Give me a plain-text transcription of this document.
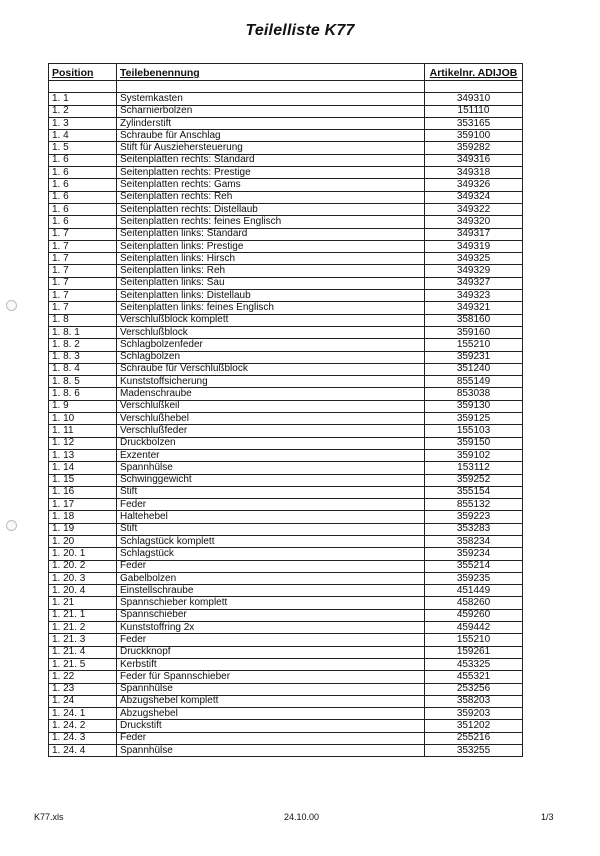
Teilelliste K77
Position	Teilebenennung	Artikelnr. ADIJOB

1. 1	Systemkasten	349310
1. 2	Scharnierbolzen	151110
1. 3	Zylinderstift	353165
1. 4	Schraube für Anschlag	359100
1. 5	Stift für Ausziehersteuerung	359282
1. 6	Seitenplatten rechts: Standard	349316
1. 6	Seitenplatten rechts: Prestige	349318
1. 6	Seitenplatten rechts: Gams	349326
1. 6	Seitenplatten rechts: Reh	349324
1. 6	Seitenplatten rechts: Distellaub	349322
1. 6	Seitenplatten rechts: feines Englisch	349320
1. 7	Seitenplatten links: Standard	349317
1. 7	Seitenplatten links: Prestige	349319
1. 7	Seitenplatten links: Hirsch	349325
1. 7	Seitenplatten links: Reh	349329
1. 7	Seitenplatten links: Sau	349327
1. 7	Seitenplatten links: Distellaub	349323
1. 7	Seitenplatten links: feines Englisch	349321
1. 8	Verschlußblock komplett	358160
1. 8. 1	Verschlußblock	359160
1. 8. 2	Schlagbolzenfeder	155210
1. 8. 3	Schlagbolzen	359231
1. 8. 4	Schraube für Verschlußblock	351240
1. 8. 5	Kunststoffsicherung	855149
1. 8. 6	Madenschraube	853038
1. 9	Verschlußkeil	359130
1. 10	Verschlußhebel	359125
1. 11	Verschlußfeder	155103
1. 12	Druckbolzen	359150
1. 13	Exzenter	359102
1. 14	Spannhülse	153112
1. 15	Schwinggewicht	359252
1. 16	Stift	355154
1. 17	Feder	855132
1. 18	Haltehebel	359223
1. 19	Stift	353283
1. 20	Schlagstück komplett	358234
1. 20. 1	Schlagstück	359234
1. 20. 2	Feder	355214
1. 20. 3	Gabelbolzen	359235
1. 20. 4	Einstellschraube	451449
1. 21	Spannschieber komplett	458260
1. 21. 1	Spannschieber	459260
1. 21. 2	Kunststoffring 2x	459442
1. 21. 3	Feder	155210
1. 21. 4	Druckknopf	159261
1. 21. 5	Kerbstift	453325
1. 22	Feder für Spannschieber	455321
1. 23	Spannhülse	253256
1. 24	Abzugshebel komplett	358203
1. 24. 1	Abzugshebel	359203
1. 24. 2	Druckstift	351202
1. 24. 3	Feder	255216
1. 24. 4	Spannhülse	353255
K77.xls	24.10.00	1/3
